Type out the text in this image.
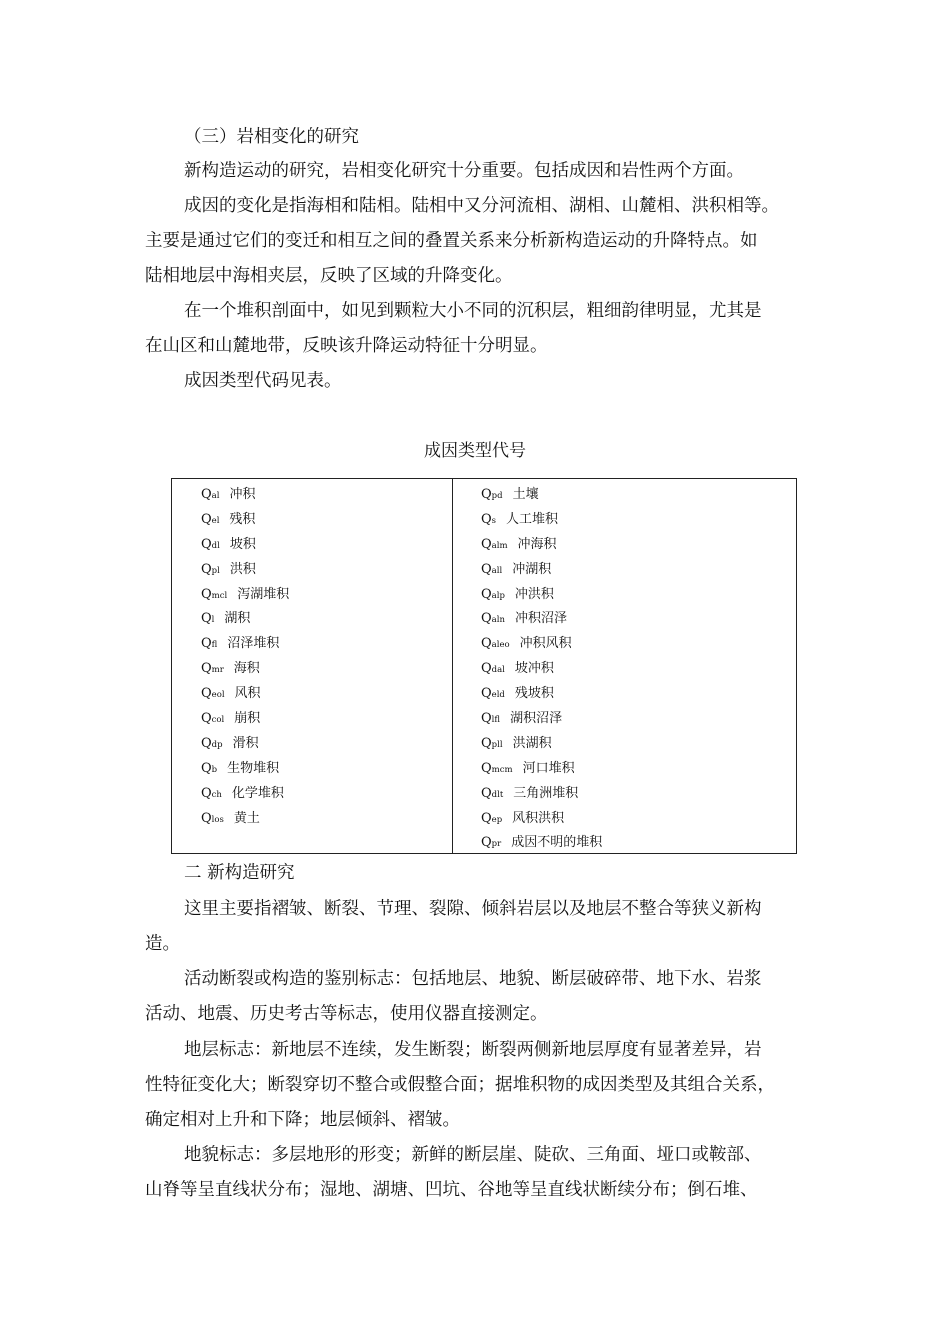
（三）岩相变化的研究
新构造运动的研究，岩相变化研究十分重要。包括成因和岩性两个方面。
成因的变化是指海相和陆相。陆相中又分河流相、湖相、山麓相、洪积相等。
主要是通过它们的变迁和相互之间的叠置关系来分析新构造运动的升降特点。如
陆相地层中海相夹层，反映了区域的升降变化。
在一个堆积剖面中，如见到颗粒大小不同的沉积层，粗细韵律明显，尤其是
在山区和山麓地带，反映该升降运动特征十分明显。
成因类型代码见表。
成因类型代号
Qal 冲积
Qel 残积
Qdl 坡积
Qpl 洪积
Qmcl 泻湖堆积
Ql 湖积
Qfl 沼泽堆积
Qmr 海积
Qeol 风积
Qcol 崩积
Qdp 滑积
Qb 生物堆积
Qch 化学堆积
Qlos 黄土
Qpd 土壤
Qs 人工堆积
Qalm 冲海积
Qall 冲湖积
Qalp 冲洪积
Qaln 冲积沼泽
Qaleo 冲积风积
Qdal 坡冲积
Qeld 残坡积
Qlfl 湖积沼泽
Qpll 洪湖积
Qmcm 河口堆积
Qdlt 三角洲堆积
Qep 风积洪积
Qpr 成因不明的堆积
二 新构造研究
这里主要指褶皱、断裂、节理、裂隙、倾斜岩层以及地层不整合等狭义新构
造。
活动断裂或构造的鉴别标志：包括地层、地貌、断层破碎带、地下水、岩浆
活动、地震、历史考古等标志，使用仪器直接测定。
地层标志：新地层不连续，发生断裂；断裂两侧新地层厚度有显著差异，岩
性特征变化大；断裂穿切不整合或假整合面；据堆积物的成因类型及其组合关系，
确定相对上升和下降；地层倾斜、褶皱。
地貌标志：多层地形的形变；新鲜的断层崖、陡砍、三角面、垭口或鞍部、
山脊等呈直线状分布；湿地、湖塘、凹坑、谷地等呈直线状断续分布；倒石堆、
